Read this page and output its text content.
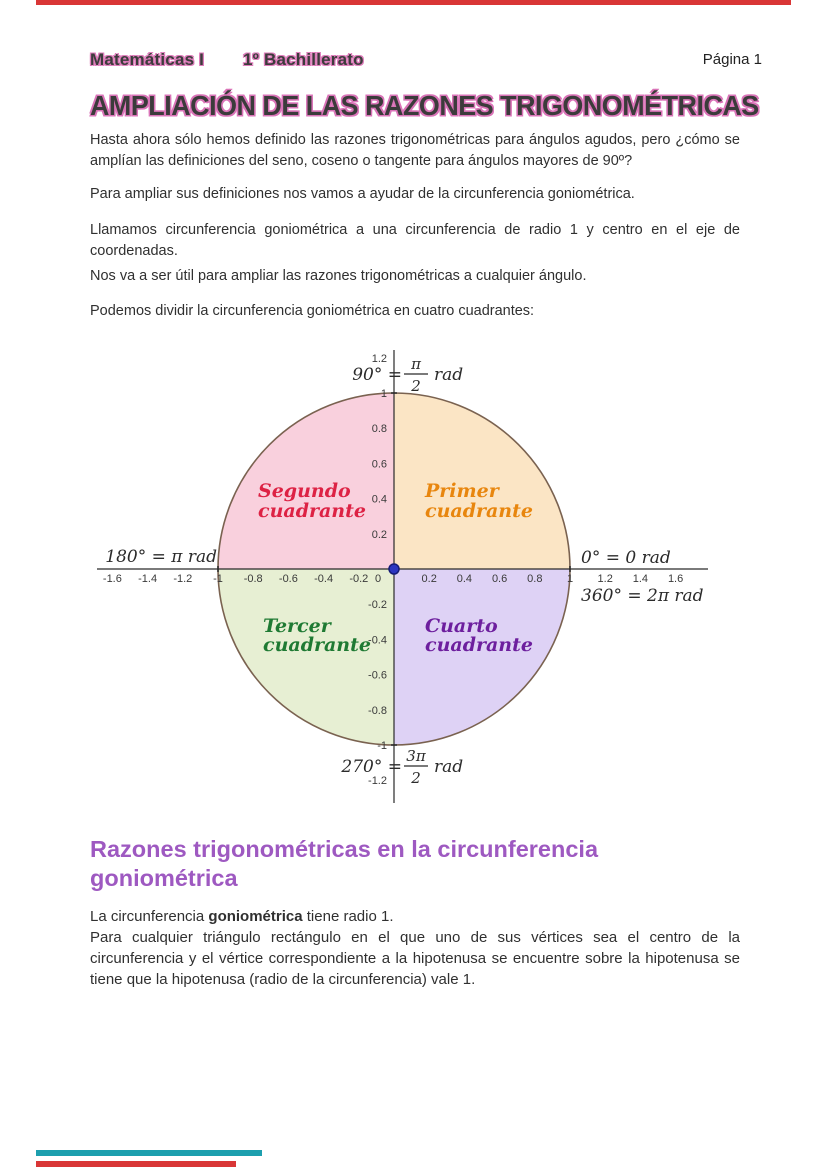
Matemáticas I 1º Bachillerato	Página 1
AMPLIACIÓN DE LAS RAZONES TRIGONOMÉTRICAS

Hasta ahora sólo hemos definido las razones trigonométricas para ángulos agudos, pero ¿cómo se amplían las definiciones del seno, coseno o tangente para ángulos mayores de 90º?

Para ampliar sus definiciones nos vamos a ayudar de la circunferencia goniométrica.

Llamamos circunferencia goniométrica a una circunferencia de radio 1 y centro en el eje de coordenadas.

Nos va a ser útil para ampliar las razones trigonométricas a cualquier ángulo.

Podemos dividir la circunferencia goniométrica en cuatro cuadrantes:

-1.6 -1.4 -1.2 -1 -0.8 -0.6 -0.4 -0.2 0	0.2 0.4 0.6 0.8 1 1.2 1.4 1.6
1.2
1
0.8
0.6
0.4
0.2
-0.2
-0.4
-0.6
-0.8
-1
-1.2
180° = π rad	0° = 0 rad
360° = 2π rad
90° =
π
2
rad
270° =
3π
2
rad
Primer
cuadrante
Segundo
cuadrante
Tercer
cuadrante
Cuarto
cuadrante
Razones trigonométricas en la circunferencia goniométrica

La circunferencia goniométrica tiene radio 1.

Para cualquier triángulo rectángulo en el que uno de sus vértices sea el centro de la circunferencia y el vértice correspondiente a la hipotenusa se encuentre sobre la hipotenusa se tiene que la hipotenusa (radio de la circunferencia) vale 1.
